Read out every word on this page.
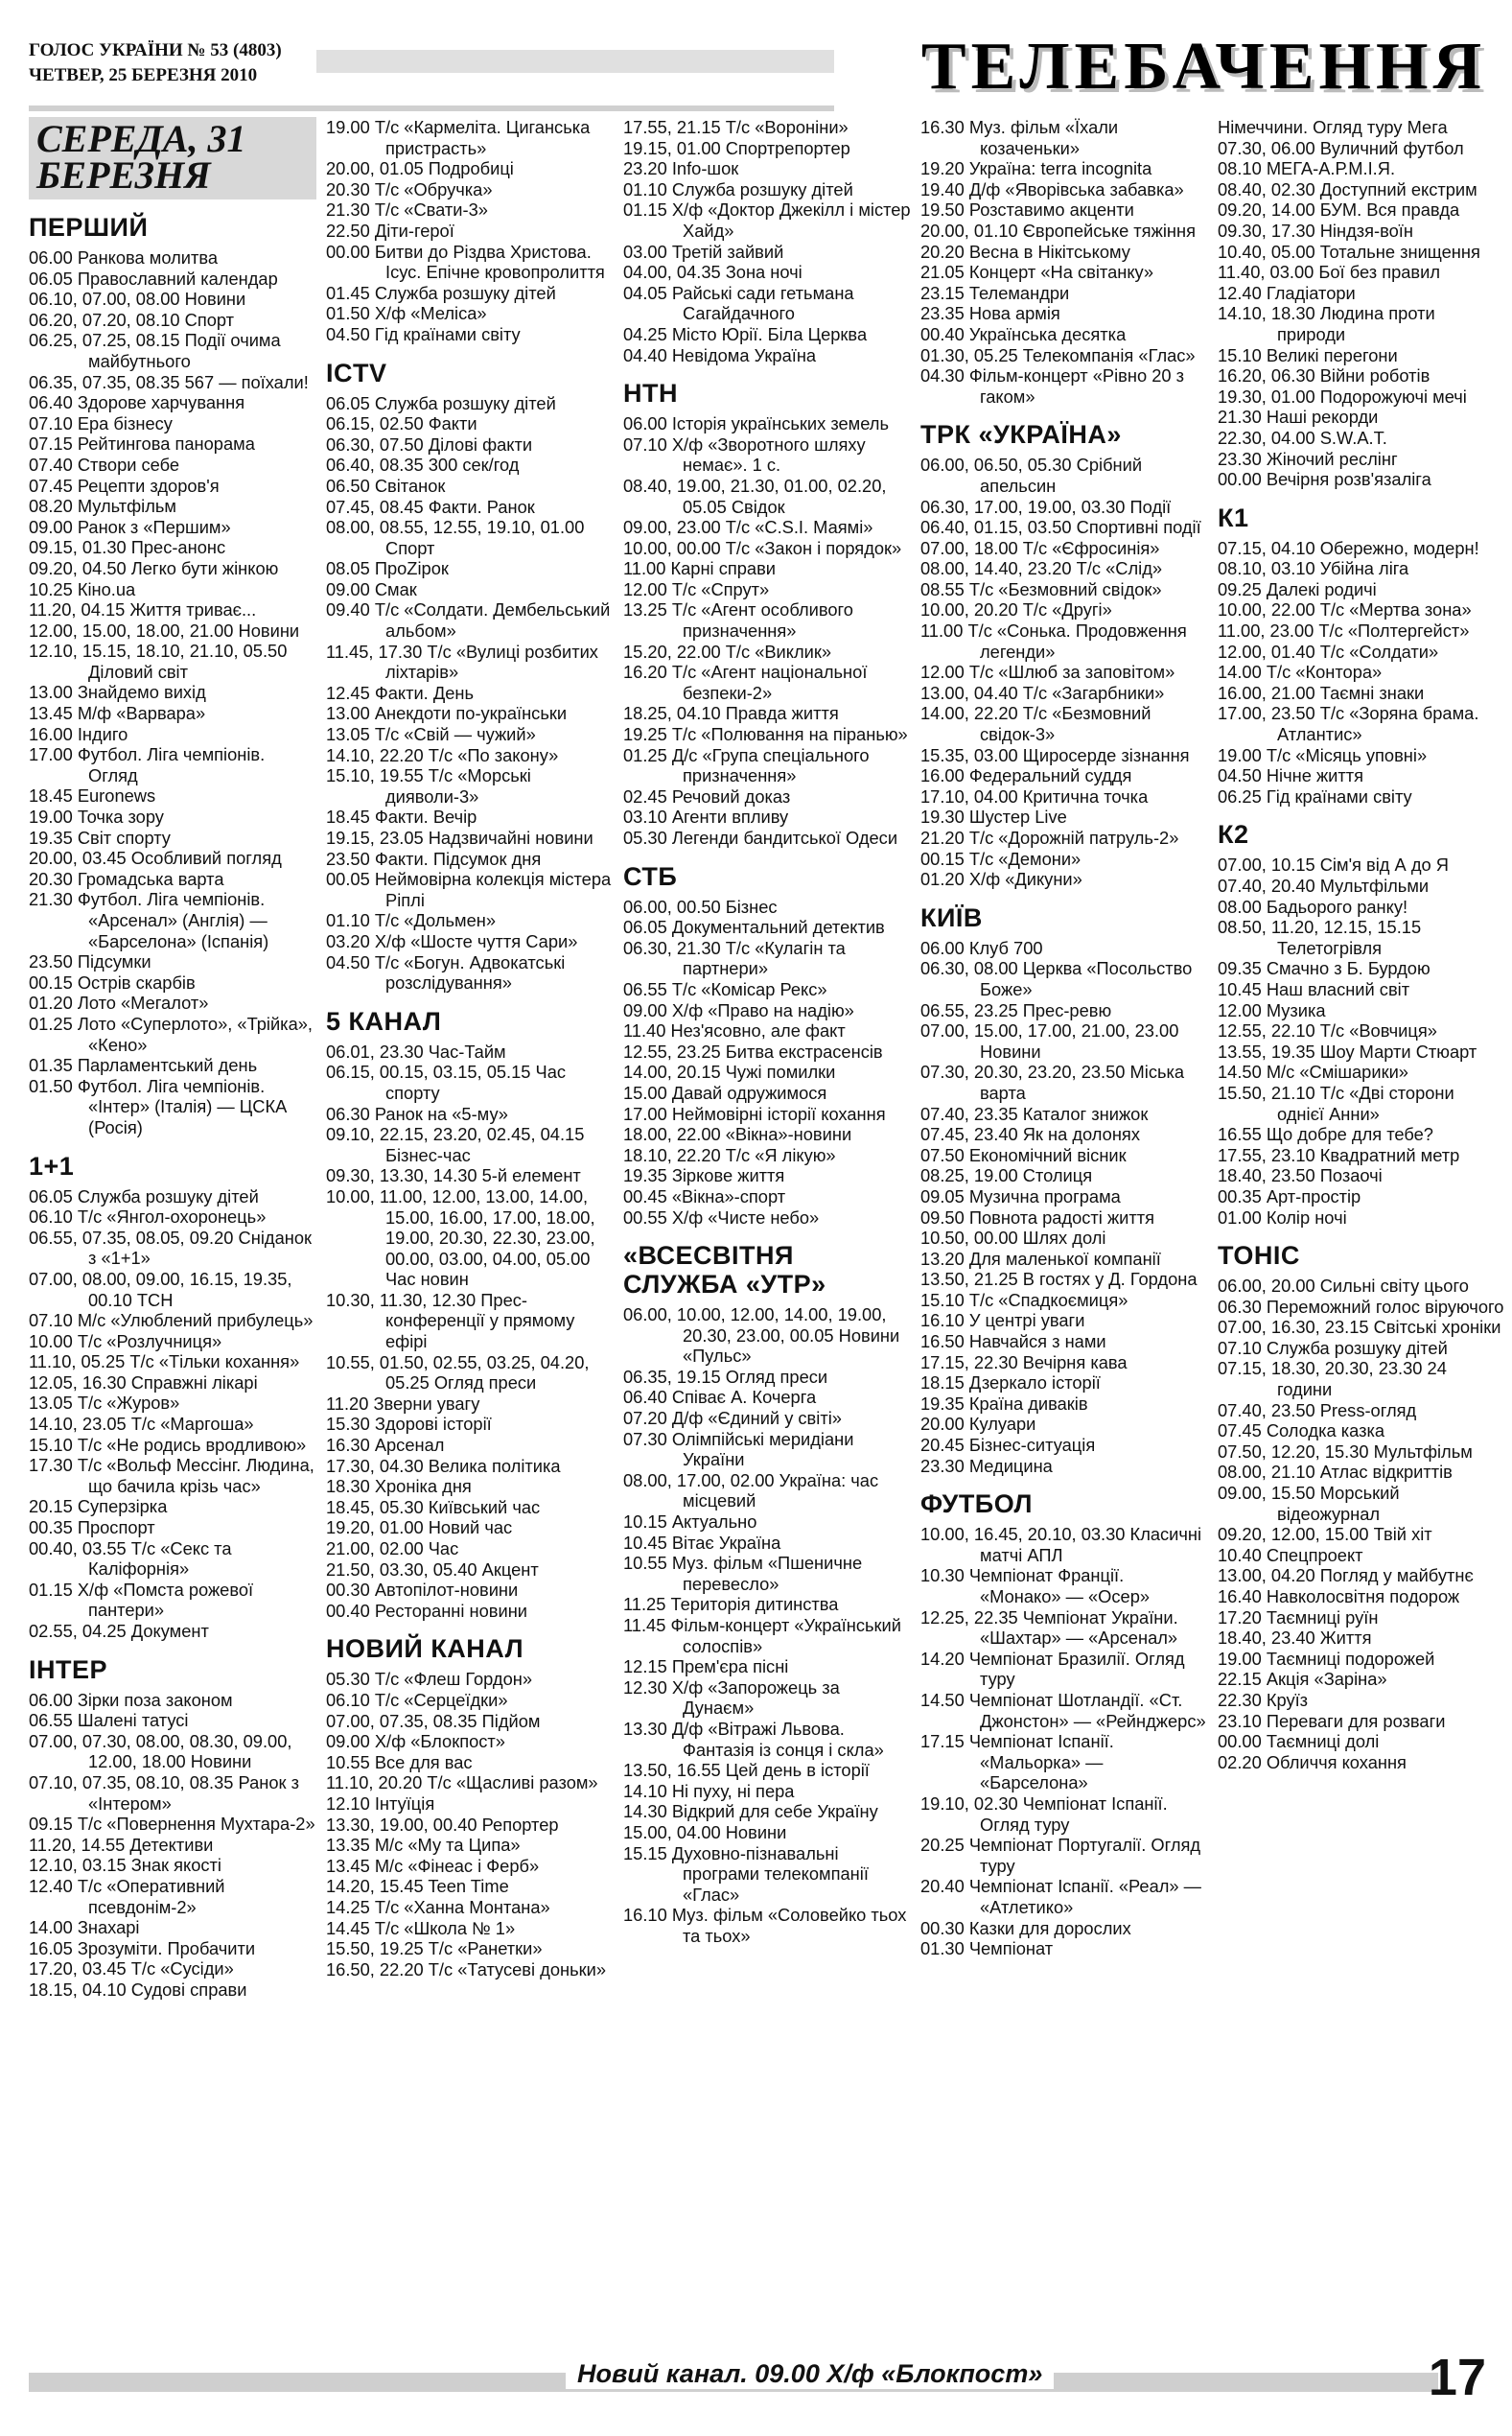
ГОЛОС УКРАЇНИ № 53 (4803)
ЧЕТВЕР, 25 БЕРЕЗНЯ 2010	ТЕЛЕБАЧЕННЯ
СЕРЕДА, 31 БЕРЕЗНЯ
ПЕРШИЙ
06.00 Ранкова молитва
06.05 Православний календар
06.10, 07.00, 08.00 Новини
06.20, 07.20, 08.10 Спорт
06.25, 07.25, 08.15 Події очима майбутнього
06.35, 07.35, 08.35 567 — поїхали!
06.40 Здорове харчування
07.10 Ера бізнесу
07.15 Рейтингова панорама
07.40 Створи себе
07.45 Рецепти здоров'я
08.20 Мультфільм
09.00 Ранок з «Першим»
09.15, 01.30 Прес-анонс
09.20, 04.50 Легко бути жінкою
10.25 Кіно.ua
11.20, 04.15 Життя триває...
12.00, 15.00, 18.00, 21.00 Новини
12.10, 15.15, 18.10, 21.10, 05.50 Діловий світ
13.00 Знайдемо вихід
13.45 М/ф «Варвара»
16.00 Індиго
17.00 Футбол. Ліга чемпіонів. Огляд
18.45 Euronews
19.00 Точка зору
19.35 Світ спорту
20.00, 03.45 Особливий погляд
20.30 Громадська варта
21.30 Футбол. Ліга чемпіонів. «Арсенал» (Англія) — «Барселона» (Іспанія)
23.50 Підсумки
00.15 Острів скарбів
01.20 Лото «Мегалот»
01.25 Лото «Суперлото», «Трійка», «Кено»
01.35 Парламентський день
01.50 Футбол. Ліга чемпіонів. «Інтер» (Італія) — ЦСКА (Росія)
1+1
06.05 Служба розшуку дітей
06.10 Т/с «Янгол-охоронець»
06.55, 07.35, 08.05, 09.20 Сніданок з «1+1»
07.00, 08.00, 09.00, 16.15, 19.35, 00.10 ТСН
07.10 М/с «Улюблений прибулець»
10.00 Т/с «Розлучниця»
11.10, 05.25 Т/с «Тільки кохання»
12.05, 16.30 Справжні лікарі
13.05 Т/с «Журов»
14.10, 23.05 Т/с «Маргоша»
15.10 Т/с «Не родись вродливою»
17.30 Т/с «Вольф Мессінг. Людина, що бачила крізь час»
20.15 Суперзірка
00.35 Проспорт
00.40, 03.55 Т/с «Секс та Каліфорнія»
01.15 Х/ф «Помста рожевої пантери»
02.55, 04.25 Документ
ІНТЕР
06.00 Зірки поза законом
06.55 Шалені татусі
07.00, 07.30, 08.00, 08.30, 09.00, 12.00, 18.00 Новини
07.10, 07.35, 08.10, 08.35 Ранок з «Інтером»
09.15 Т/с «Повернення Мухтара-2»
11.20, 14.55 Детективи
12.10, 03.15 Знак якості
12.40 Т/с «Оперативний псевдонім-2»
14.00 Знахарі
16.05 Зрозуміти. Пробачити
17.20, 03.45 Т/с «Сусіди»
18.15, 04.10 Судові справи
19.00 Т/с «Кармеліта. Циганська пристрасть»
20.00, 01.05 Подробиці
20.30 Т/с «Обручка»
21.30 Т/с «Свати-3»
22.50 Діти-герої
00.00 Битви до Різдва Христова. Ісус. Епічне кровопролиття
01.45 Служба розшуку дітей
01.50 Х/ф «Меліса»
04.50 Гід країнами світу
ICTV
06.05 Служба розшуку дітей
06.15, 02.50 Факти
06.30, 07.50 Ділові факти
06.40, 08.35 300 сек/год
06.50 Світанок
07.45, 08.45 Факти. Ранок
08.00, 08.55, 12.55, 19.10, 01.00 Спорт
08.05 ПроZірок
09.00 Смак
09.40 Т/с «Солдати. Дембельський альбом»
11.45, 17.30 Т/с «Вулиці розбитих ліхтарів»
12.45 Факти. День
13.00 Анекдоти по-українськи
13.05 Т/с «Свій — чужий»
14.10, 22.20 Т/с «По закону»
15.10, 19.55 Т/с «Морські дияволи-3»
18.45 Факти. Вечір
19.15, 23.05 Надзвичайні новини
23.50 Факти. Підсумок дня
00.05 Неймовірна колекція містера Ріплі
01.10 Т/с «Дольмен»
03.20 Х/ф «Шосте чуття Сари»
04.50 Т/с «Богун. Адвокатські розслідування»
5 КАНАЛ
06.01, 23.30 Час-Тайм
06.15, 00.15, 03.15, 05.15 Час спорту
06.30 Ранок на «5-му»
09.10, 22.15, 23.20, 02.45, 04.15 Бізнес-час
09.30, 13.30, 14.30 5-й елемент
10.00, 11.00, 12.00, 13.00, 14.00, 15.00, 16.00, 17.00, 18.00, 19.00, 20.30, 22.30, 23.00, 00.00, 03.00, 04.00, 05.00 Час новин
10.30, 11.30, 12.30 Прес-конференції у прямому ефірі
10.55, 01.50, 02.55, 03.25, 04.20, 05.25 Огляд преси
11.20 Зверни увагу
15.30 Здорові історії
16.30 Арсенал
17.30, 04.30 Велика політика
18.30 Хроніка дня
18.45, 05.30 Київський час
19.20, 01.00 Новий час
21.00, 02.00 Час
21.50, 03.30, 05.40 Акцент
00.30 Автопілот-новини
00.40 Ресторанні новини
НОВИЙ КАНАЛ
05.30 Т/с «Флеш Гордон»
06.10 Т/с «Серцеїдки»
07.00, 07.35, 08.35 Підйом
09.00 Х/ф «Блокпост»
10.55 Все для вас
11.10, 20.20 Т/с «Щасливі разом»
12.10 Інтуїція
13.30, 19.00, 00.40 Репортер
13.35 М/с «Му та Ципа»
13.45 М/с «Фінеас і Ферб»
14.20, 15.45 Teen Time
14.25 Т/с «Ханна Монтана»
14.45 Т/с «Школа № 1»
15.50, 19.25 Т/с «Ранетки»
16.50, 22.20 Т/с «Татусеві доньки»
17.55, 21.15 Т/с «Вороніни»
19.15, 01.00 Спортрепортер
23.20 Info-шок
01.10 Служба розшуку дітей
01.15 Х/ф «Доктор Джекілл і містер Хайд»
03.00 Третій зайвий
04.00, 04.35 Зона ночі
04.05 Райські сади гетьмана Сагайдачного
04.25 Місто Юрії. Біла Церква
04.40 Невідома Україна
НТН
06.00 Історія українських земель
07.10 Х/ф «Зворотного шляху немає». 1 с.
08.40, 19.00, 21.30, 01.00, 02.20, 05.05 Свідок
09.00, 23.00 Т/с «C.S.I. Маямі»
10.00, 00.00 Т/с «Закон і порядок»
11.00 Карні справи
12.00 Т/с «Спрут»
13.25 Т/с «Агент особливого призначення»
15.20, 22.00 Т/с «Виклик»
16.20 Т/с «Агент національної безпеки-2»
18.25, 04.10 Правда життя
19.25 Т/с «Полювання на піранью»
01.25 Д/с «Група спеціального призначення»
02.45 Речовий доказ
03.10 Агенти впливу
05.30 Легенди бандитської Одеси
СТБ
06.00, 00.50 Бізнес
06.05 Документальний детектив
06.30, 21.30 Т/с «Кулагін та партнери»
06.55 Т/с «Комісар Рекс»
09.00 Х/ф «Право на надію»
11.40 Нез'ясовно, але факт
12.55, 23.25 Битва екстрасенсів
14.00, 20.15 Чужі помилки
15.00 Давай одружимося
17.00 Неймовірні історії кохання
18.00, 22.00 «Вікна»-новини
18.10, 22.20 Т/с «Я лікую»
19.35 Зіркове життя
00.45 «Вікна»-спорт
00.55 Х/ф «Чисте небо»
«ВСЕСВІТНЯ СЛУЖБА «УТР»
06.00, 10.00, 12.00, 14.00, 19.00, 20.30, 23.00, 00.05 Новини «Пульс»
06.35, 19.15 Огляд преси
06.40 Співає А. Кочерга
07.20 Д/ф «Єдиний у світі»
07.30 Олімпійські меридіани України
08.00, 17.00, 02.00 Україна: час місцевий
10.15 Актуально
10.45 Вітає Україна
10.55 Муз. фільм «Пшеничне перевесло»
11.25 Територія дитинства
11.45 Фільм-концерт «Український солоспів»
12.15 Прем'єра пісні
12.30 Х/ф «Запорожець за Дунаєм»
13.30 Д/ф «Вітражі Львова. Фантазія із сонця і скла»
13.50, 16.55 Цей день в історії
14.10 Ні пуху, ні пера
14.30 Відкрий для себе Україну
15.00, 04.00 Новини
15.15 Духовно-пізнавальні програми телекомпанії «Глас»
16.10 Муз. фільм «Соловейко тьох та тьох»
16.30 Муз. фільм «Їхали козаченьки»
19.20 Україна: terra incognita
19.40 Д/ф «Яворівська забавка»
19.50 Розставимо акценти
20.00, 01.10 Європейське тяжіння
20.20 Весна в Нікітському
21.05 Концерт «На світанку»
23.15 Телемандри
23.35 Нова армія
00.40 Українська десятка
01.30, 05.25 Телекомпанія «Глас»
04.30 Фільм-концерт «Рівно 20 з гаком»
ТРК «УКРАЇНА»
06.00, 06.50, 05.30 Срібний апельсин
06.30, 17.00, 19.00, 03.30 Події
06.40, 01.15, 03.50 Спортивні події
07.00, 18.00 Т/с «Єфросинія»
08.00, 14.40, 23.20 Т/с «Слід»
08.55 Т/с «Безмовний свідок»
10.00, 20.20 Т/с «Другі»
11.00 Т/с «Сонька. Продовження легенди»
12.00 Т/с «Шлюб за заповітом»
13.00, 04.40 Т/с «Загарбники»
14.00, 22.20 Т/с «Безмовний свідок-3»
15.35, 03.00 Щиросерде зізнання
16.00 Федеральний суддя
17.10, 04.00 Критична точка
19.30 Шустер Live
21.20 Т/с «Дорожній патруль-2»
00.15 Т/с «Демони»
01.20 Х/ф «Дикуни»
КИЇВ
06.00 Клуб 700
06.30, 08.00 Церква «Посольство Боже»
06.55, 23.25 Прес-ревю
07.00, 15.00, 17.00, 21.00, 23.00 Новини
07.30, 20.30, 23.20, 23.50 Міська варта
07.40, 23.35 Каталог знижок
07.45, 23.40 Як на долонях
07.50 Економічний вісник
08.25, 19.00 Столиця
09.05 Музична програма
09.50 Повнота радості життя
10.50, 00.00 Шлях долі
13.20 Для маленької компанії
13.50, 21.25 В гостях у Д. Гордона
15.10 Т/с «Спадкоємиця»
16.10 У центрі уваги
16.50 Навчайся з нами
17.15, 22.30 Вечірня кава
18.15 Дзеркало історії
19.35 Країна диваків
20.00 Кулуари
20.45 Бізнес-ситуація
23.30 Медицина
ФУТБОЛ
10.00, 16.45, 20.10, 03.30 Класичні матчі АПЛ
10.30 Чемпіонат Франції. «Монако» — «Осер»
12.25, 22.35 Чемпіонат України. «Шахтар» — «Арсенал»
14.20 Чемпіонат Бразилії. Огляд туру
14.50 Чемпіонат Шотландії. «Ст. Джонстон» — «Рейнджерс»
17.15 Чемпіонат Іспанії. «Мальорка» — «Барселона»
19.10, 02.30 Чемпіонат Іспанії. Огляд туру
20.25 Чемпіонат Португалії. Огляд туру
20.40 Чемпіонат Іспанії. «Реал» — «Атлетико»
00.30 Казки для дорослих
01.30 Чемпіонат
Німеччини. Огляд туру Мега
07.30, 06.00 Вуличний футбол
08.10 МЕГА-А.Р.М.І.Я.
08.40, 02.30 Доступний екстрим
09.20, 14.00 БУМ. Вся правда
09.30, 17.30 Ніндзя-воїн
10.40, 05.00 Тотальне знищення
11.40, 03.00 Бої без правил
12.40 Гладіатори
14.10, 18.30 Людина проти природи
15.10 Великі перегони
16.20, 06.30 Війни роботів
19.30, 01.00 Подорожуючі мечі
21.30 Наші рекорди
22.30, 04.00 S.W.A.T.
23.30 Жіночий реслінг
00.00 Вечірня розв'язаліга
К1
07.15, 04.10 Обережно, модерн!
08.10, 03.10 Убійна ліга
09.25 Далекі родичі
10.00, 22.00 Т/с «Мертва зона»
11.00, 23.00 Т/с «Полтергейст»
12.00, 01.40 Т/с «Солдати»
14.00 Т/с «Контора»
16.00, 21.00 Таємні знаки
17.00, 23.50 Т/с «Зоряна брама. Атлантис»
19.00 Т/с «Місяць уповні»
04.50 Нічне життя
06.25 Гід країнами світу
К2
07.00, 10.15 Сім'я від А до Я
07.40, 20.40 Мультфільми
08.00 Бадьорого ранку!
08.50, 11.20, 12.15, 15.15 Телетогрівля
09.35 Смачно з Б. Бурдою
10.45 Наш власний світ
12.00 Музика
12.55, 22.10 Т/с «Вовчиця»
13.55, 19.35 Шоу Марти Стюарт
14.50 М/с «Смішарики»
15.50, 21.10 Т/с «Дві сторони однієї Анни»
16.55 Що добре для тебе?
17.55, 23.10 Квадратний метр
18.40, 23.50 Позаочі
00.35 Арт-простір
01.00 Колір ночі
ТОНІС
06.00, 20.00 Сильні світу цього
06.30 Переможний голос віруючого
07.00, 16.30, 23.15 Світські хроніки
07.10 Служба розшуку дітей
07.15, 18.30, 20.30, 23.30 24 години
07.40, 23.50 Press-огляд
07.45 Солодка казка
07.50, 12.20, 15.30 Мультфільм
08.00, 21.10 Атлас відкриттів
09.00, 15.50 Морський відеожурнал
09.20, 12.00, 15.00 Твій хіт
10.40 Спецпроект
13.00, 04.20 Погляд у майбутнє
16.40 Навколосвітня подорож
17.20 Таємниці руїн
18.40, 23.40 Життя
19.00 Таємниці подорожей
22.15 Акція «Заріна»
22.30 Круїз
23.10 Переваги для розваги
00.00 Таємниці долі
02.20 Обличчя кохання
Новий канал. 09.00 Х/ф «Блокпост»	17
